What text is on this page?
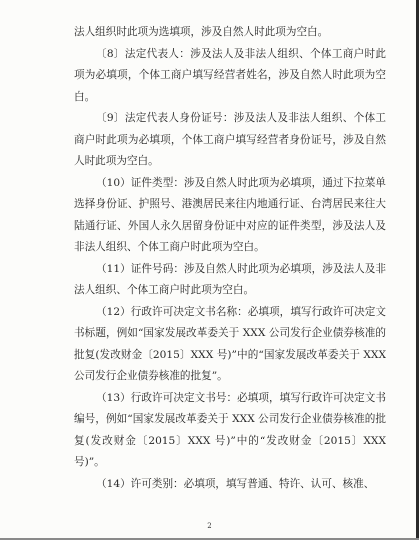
法人组织时此项为选填项，涉及自然人时此项为空白。

〔8〕法定代表人：涉及法人及非法人组织、个体工商户时此项为必填项，个体工商户填写经营者姓名，涉及自然人时此项为空白。

〔9〕法定代表人身份证号：涉及法人及非法人组织、个体工商户时此项为必填项，个体工商户填写经营者身份证号，涉及自然人时此项为空白。

（10）证件类型：涉及自然人时此项为必填项，通过下拉菜单选择身份证、护照号、港澳居民来往内地通行证、台湾居民来往大陆通行证、外国人永久居留身份证中对应的证件类型，涉及法人及非法人组织、个体工商户时此项为空白。

（11）证件号码：涉及自然人时此项为必填项，涉及法人及非法人组织、个体工商户时此项为空白。

（12）行政许可决定文书名称：必填项，填写行政许可决定文书标题，例如“国家发展改革委关于 XXX 公司发行企业债券核准的批复(发改财金〔2015〕XXX 号)”中的“国家发展改革委关于 XXX 公司发行企业债券核准的批复”。

（13）行政许可决定文书号：必填项，填写行政许可决定文书编号，例如“国家发展改革委关于 XXX 公司发行企业债券核准的批复(发改财金〔2015〕XXX 号)”中的“发改财金〔2015〕XXX 号)”。

（14）许可类别：必填项，填写普通、特许、认可、核准、

2
